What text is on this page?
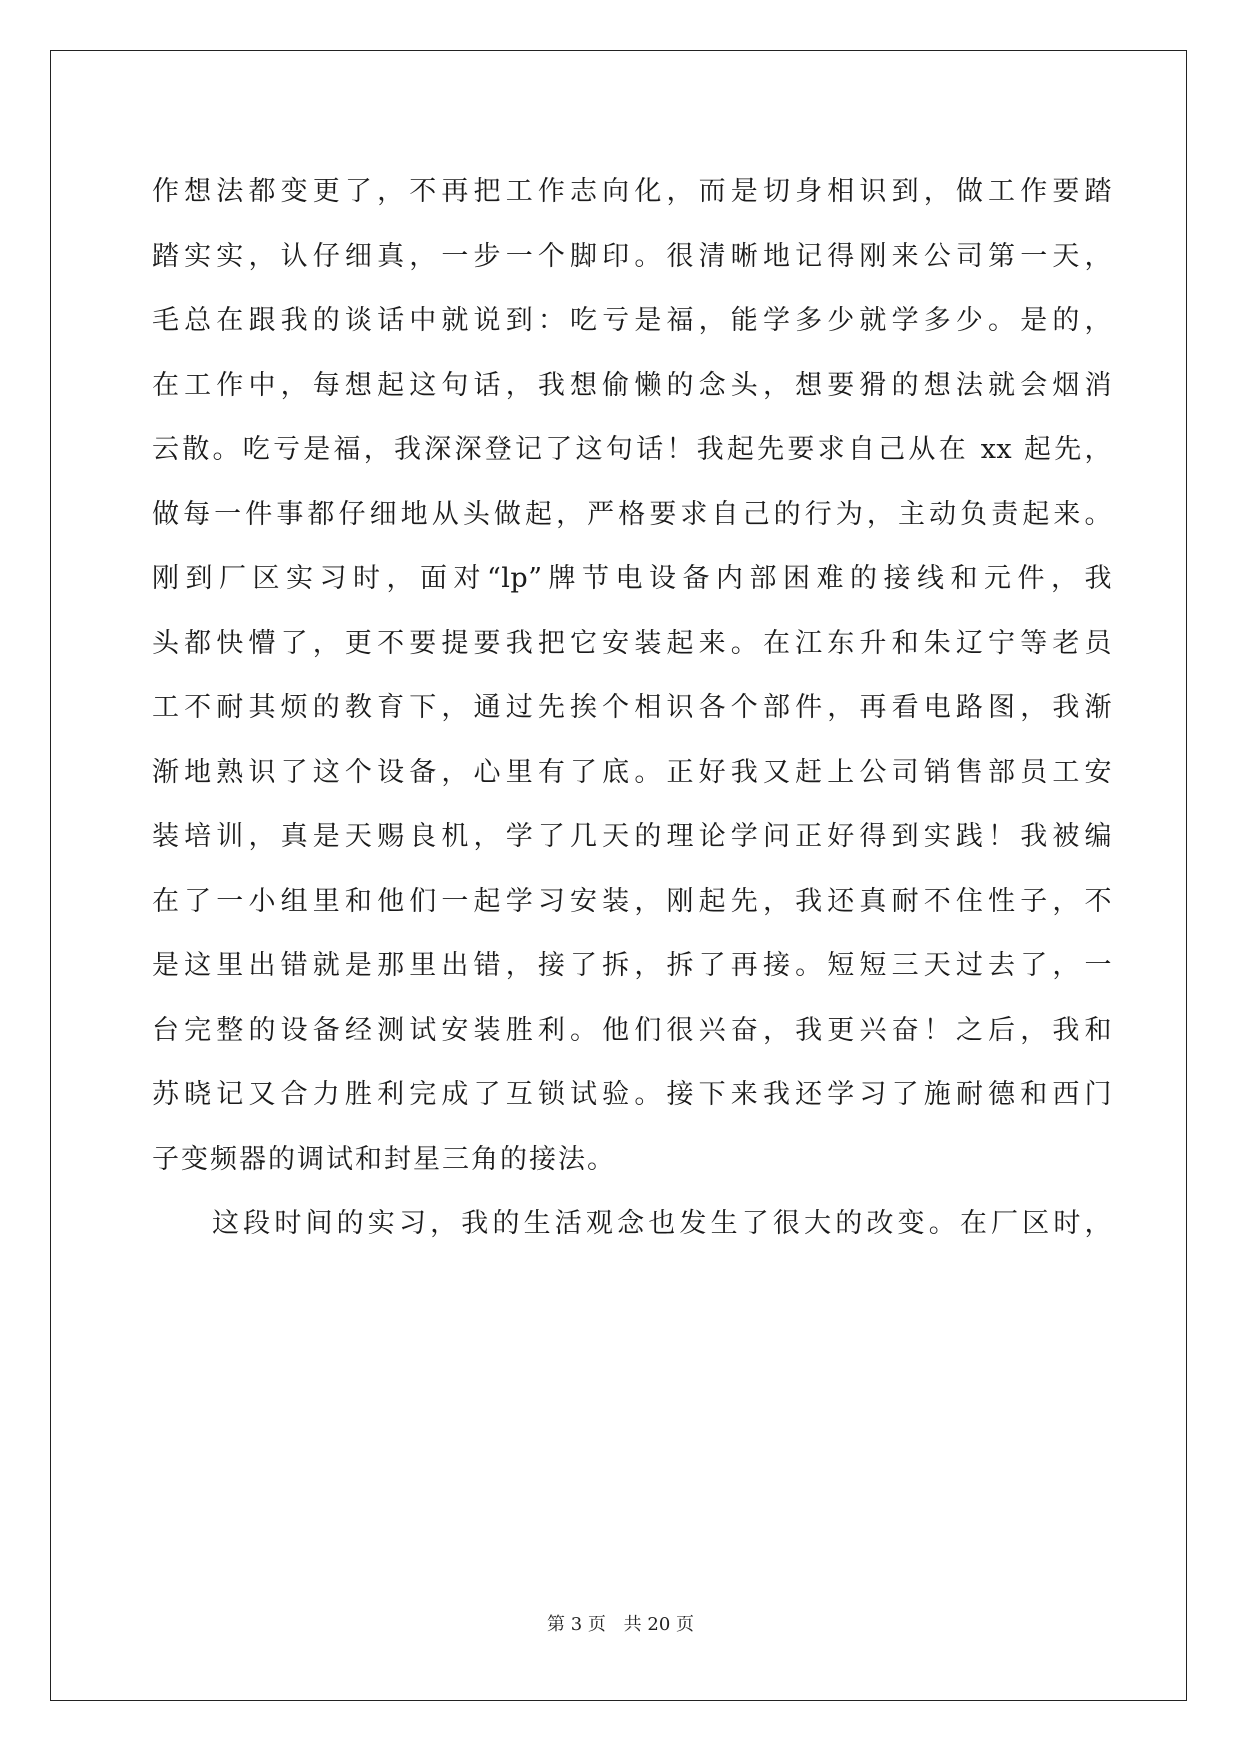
作想法都变更了，不再把工作志向化，而是切身相识到，做工作要踏
踏实实，认仔细真，一步一个脚印。很清晰地记得刚来公司第一天，
毛总在跟我的谈话中就说到：吃亏是福，能学多少就学多少。是的，
在工作中，每想起这句话，我想偷懒的念头，想要猾的想法就会烟消
云散。吃亏是福，我深深登记了这句话！我起先要求自己从在 xx 起先，
做每一件事都仔细地从头做起，严格要求自己的行为，主动负责起来。
刚到厂区实习时，面对“lp”牌节电设备内部困难的接线和元件，我
头都快懵了，更不要提要我把它安装起来。在江东升和朱辽宁等老员
工不耐其烦的教育下，通过先挨个相识各个部件，再看电路图，我渐
渐地熟识了这个设备，心里有了底。正好我又赶上公司销售部员工安
装培训，真是天赐良机，学了几天的理论学问正好得到实践！我被编
在了一小组里和他们一起学习安装，刚起先，我还真耐不住性子，不
是这里出错就是那里出错，接了拆，拆了再接。短短三天过去了，一
台完整的设备经测试安装胜利。他们很兴奋，我更兴奋！之后，我和
苏晓记又合力胜利完成了互锁试验。接下来我还学习了施耐德和西门
子变频器的调试和封星三角的接法。
这段时间的实习，我的生活观念也发生了很大的改变。在厂区时，
第 3 页 共 20 页
